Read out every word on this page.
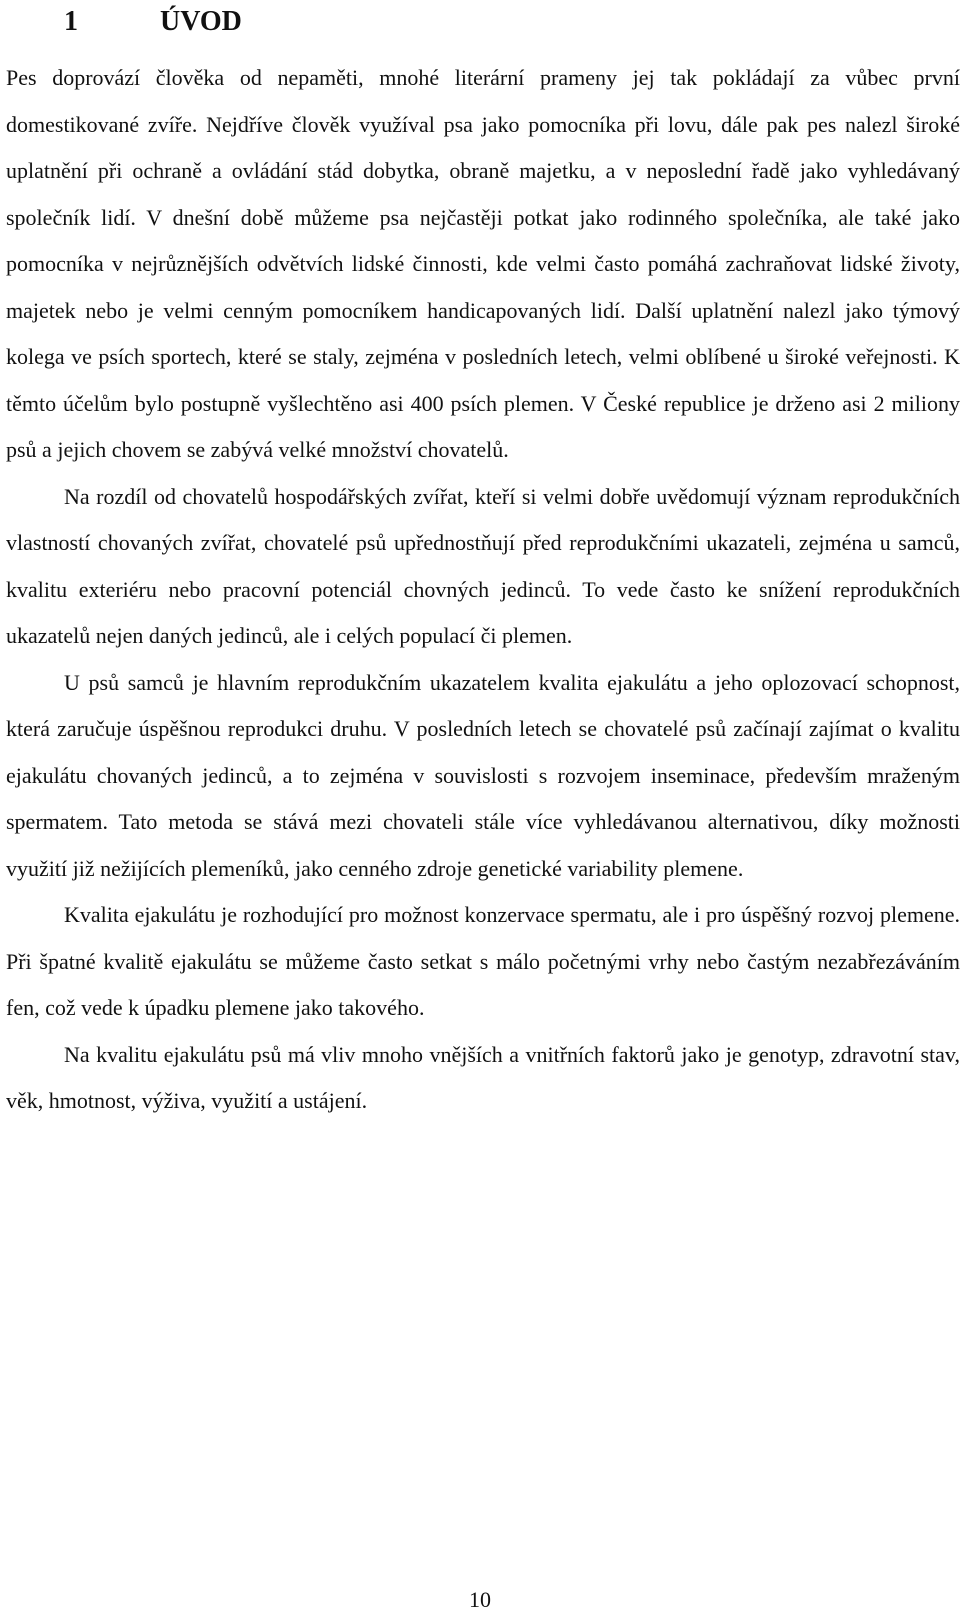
1	ÚVOD

Pes doprovází člověka od nepaměti, mnohé literární prameny jej tak pokládají za vůbec první domestikované zvíře. Nejdříve člověk využíval psa jako pomocníka při lovu, dále pak pes nalezl široké uplatnění při ochraně a ovládání stád dobytka, obraně majetku, a v neposlední řadě jako vyhledávaný společník lidí. V dnešní době můžeme psa nejčastěji potkat jako rodinného společníka, ale také jako pomocníka v nejrůznějších odvětvích lidské činnosti, kde velmi často pomáhá zachraňovat lidské životy, majetek nebo je velmi cenným pomocníkem handicapovaných lidí. Další uplatnění nalezl jako týmový kolega ve psích sportech, které se staly, zejména v posledních letech, velmi oblíbené u široké veřejnosti. K těmto účelům bylo postupně vyšlechtěno asi 400 psích plemen. V České republice je drženo asi 2 miliony psů a jejich chovem se zabývá velké množství chovatelů.

Na rozdíl od chovatelů hospodářských zvířat, kteří si velmi dobře uvědomují význam reprodukčních vlastností chovaných zvířat, chovatelé psů upřednostňují před reprodukčními ukazateli, zejména u samců, kvalitu exteriéru nebo pracovní potenciál chovných jedinců. To vede často ke snížení reprodukčních ukazatelů nejen daných jedinců, ale i celých populací či plemen.

U psů samců je hlavním reprodukčním ukazatelem kvalita ejakulátu a jeho oplozovací schopnost, která zaručuje úspěšnou reprodukci druhu. V posledních letech se chovatelé psů začínají zajímat o kvalitu ejakulátu chovaných jedinců, a to zejména v souvislosti s rozvojem inseminace, především mraženým spermatem. Tato metoda se stává mezi chovateli stále více vyhledávanou alternativou, díky možnosti využití již nežijících plemeníků, jako cenného zdroje genetické variability plemene.

Kvalita ejakulátu je rozhodující pro možnost konzervace spermatu, ale i pro úspěšný rozvoj plemene. Při špatné kvalitě ejakulátu se můžeme často setkat s málo početnými vrhy nebo častým nezabřezáváním fen, což vede k úpadku plemene jako takového.

Na kvalitu ejakulátu psů má vliv mnoho vnějších a vnitřních faktorů jako je genotyp, zdravotní stav, věk, hmotnost, výživa, využití a ustájení.

10
